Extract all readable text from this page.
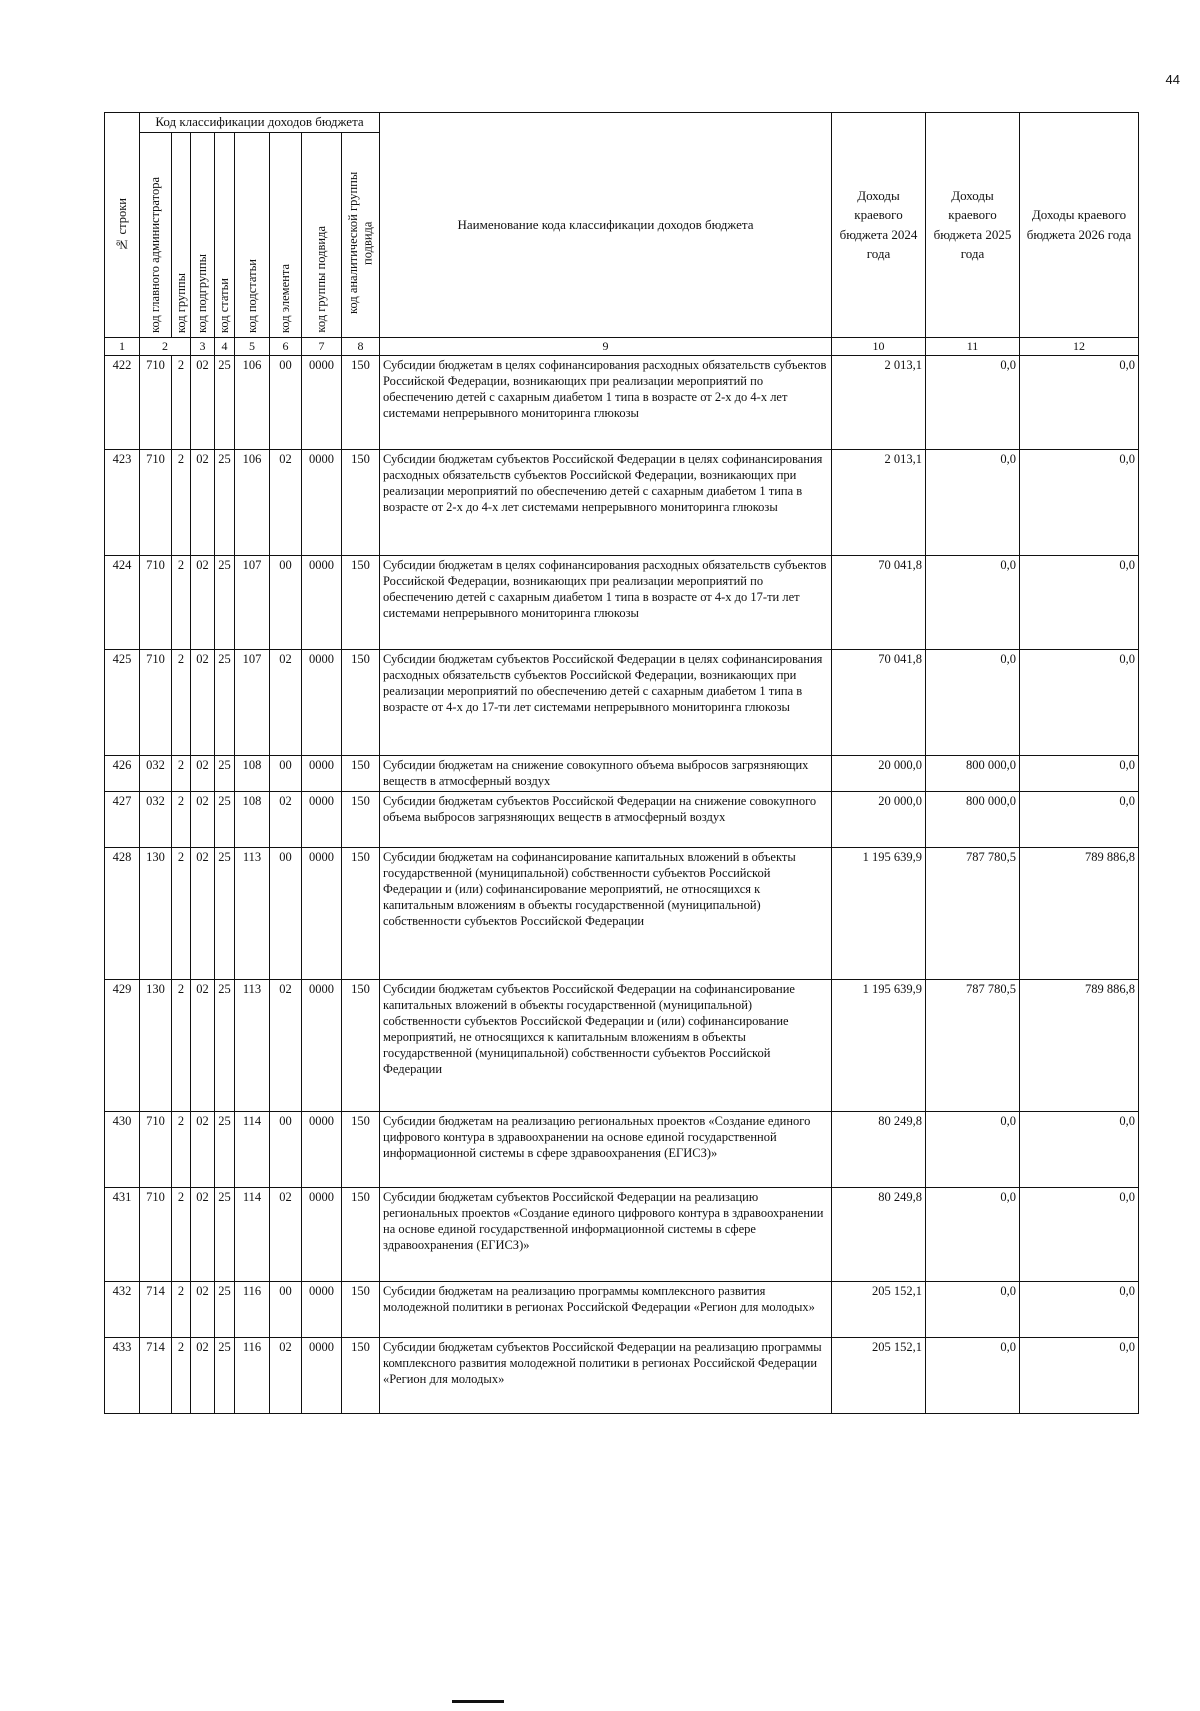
44
№ строки	Код классификации доходов бюджета								Наименование кода классификации доходов бюджета	Доходы краевого бюджета 2024 года	Доходы краевого бюджета 2025 года	Доходы краевого бюджета 2026 года

	код главного администратора	код группы	код подгруппы	код статьи	код подстатьи	код элемента	код группы подвида	код аналитической группы подвида				

1	2		3	4	5	6	7	8	9	10	11	12
422	710	2	02	25	106	00	0000	150	Субсидии бюджетам в целях софинансирования расходных обязательств субъектов Российской Федерации, возникающих при реализации мероприятий по обеспечению детей с сахарным диабетом 1 типа в возрасте от 2-х до 4-х лет системами непрерывного мониторинга глюкозы	2 013,1	0,0	0,0
423	710	2	02	25	106	02	0000	150	Субсидии бюджетам субъектов Российской Федерации в целях софинансирования расходных обязательств субъектов Российской Федерации, возникающих при реализации мероприятий по обеспечению детей с сахарным диабетом 1 типа в возрасте от 2-х до 4-х лет системами непрерывного мониторинга глюкозы	2 013,1	0,0	0,0
424	710	2	02	25	107	00	0000	150	Субсидии бюджетам в целях софинансирования расходных обязательств субъектов Российской Федерации, возникающих при реализации мероприятий по обеспечению детей с сахарным диабетом 1 типа в возрасте от 4-х до 17-ти лет системами непрерывного мониторинга глюкозы	70 041,8	0,0	0,0
425	710	2	02	25	107	02	0000	150	Субсидии бюджетам субъектов Российской Федерации в целях софинансирования расходных обязательств субъектов Российской Федерации, возникающих при реализации мероприятий по обеспечению детей с сахарным диабетом 1 типа в возрасте от 4-х до 17-ти лет системами непрерывного мониторинга глюкозы	70 041,8	0,0	0,0
426	032	2	02	25	108	00	0000	150	Субсидии бюджетам на снижение совокупного объема выбросов загрязняющих веществ в атмосферный воздух	20 000,0	800 000,0	0,0
427	032	2	02	25	108	02	0000	150	Субсидии бюджетам субъектов Российской Федерации на снижение совокупного объема выбросов загрязняющих веществ в атмосферный воздух	20 000,0	800 000,0	0,0
428	130	2	02	25	113	00	0000	150	Субсидии бюджетам на софинансирование капитальных вложений в объекты государственной (муниципальной) собственности субъектов Российской Федерации и (или) софинансирование мероприятий, не относящихся к капитальным вложениям в объекты государственной (муниципальной) собственности субъектов Российской Федерации	1 195 639,9	787 780,5	789 886,8
429	130	2	02	25	113	02	0000	150	Субсидии бюджетам субъектов Российской Федерации на софинансирование капитальных вложений в объекты государственной (муниципальной) собственности субъектов Российской Федерации и (или) софинансирование мероприятий, не относящихся к капитальным вложениям в объекты государственной (муниципальной) собственности субъектов Российской Федерации	1 195 639,9	787 780,5	789 886,8
430	710	2	02	25	114	00	0000	150	Субсидии бюджетам на реализацию региональных проектов «Создание единого цифрового контура в здравоохранении на основе единой государственной информационной системы в сфере здравоохранения (ЕГИСЗ)»	80 249,8	0,0	0,0
431	710	2	02	25	114	02	0000	150	Субсидии бюджетам субъектов Российской Федерации на реализацию региональных проектов «Создание единого цифрового контура в здравоохранении на основе единой государственной информационной системы в сфере здравоохранения (ЕГИСЗ)»	80 249,8	0,0	0,0
432	714	2	02	25	116	00	0000	150	Субсидии бюджетам на реализацию программы комплексного развития молодежной политики в регионах Российской Федерации «Регион для молодых»	205 152,1	0,0	0,0
433	714	2	02	25	116	02	0000	150	Субсидии бюджетам субъектов Российской Федерации на реализацию программы комплексного развития молодежной политики в регионах Российской Федерации «Регион для молодых»	205 152,1	0,0	0,0
